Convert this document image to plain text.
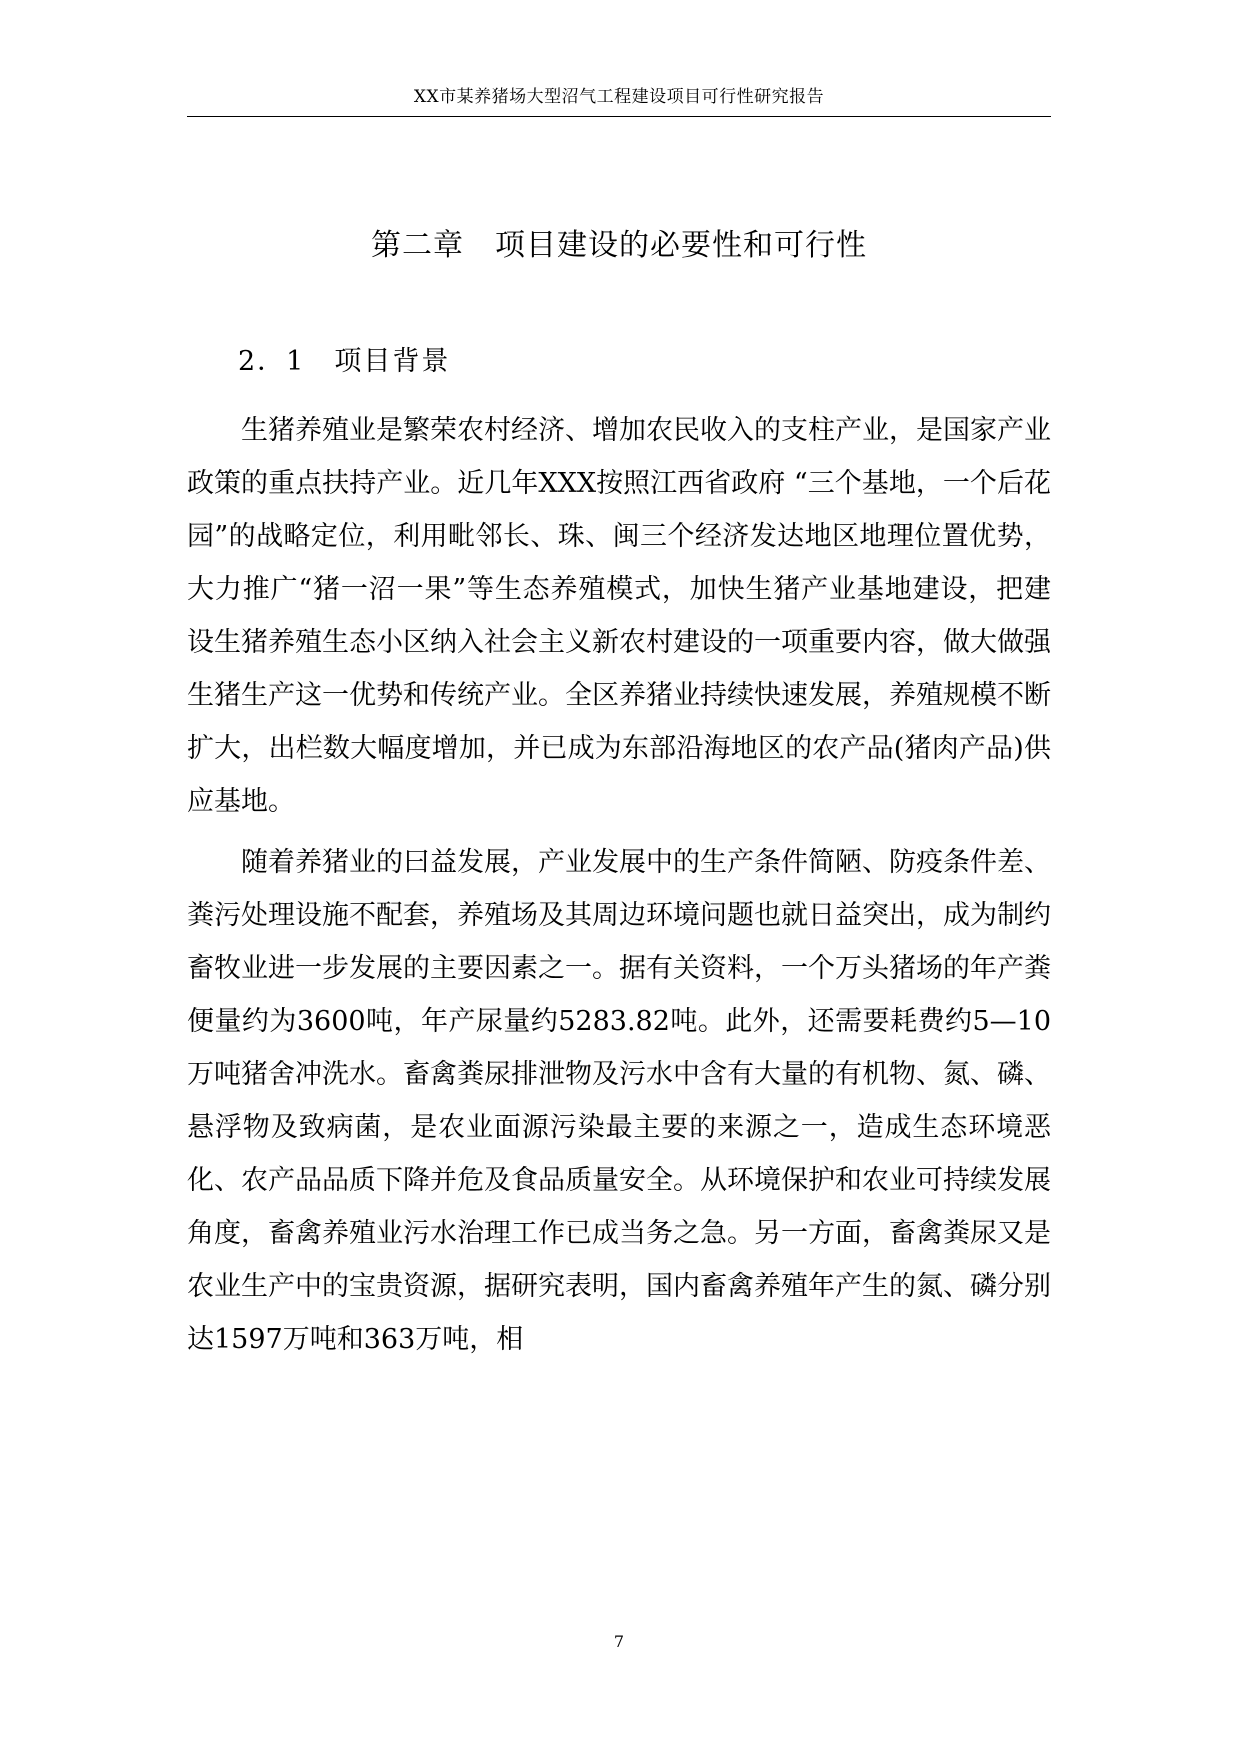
XX市某养猪场大型沼气工程建设项目可行性研究报告
第二章　项目建设的必要性和可行性
2．1　项目背景

生猪养殖业是繁荣农村经济、增加农民收入的支柱产业，是国家产业政策的重点扶持产业。近几年XXX按照江西省政府 “三个基地，一个后花园”的战略定位，利用毗邻长、珠、闽三个经济发达地区地理位置优势，大力推广“猪一沼一果”等生态养殖模式，加快生猪产业基地建设，把建设生猪养殖生态小区纳入社会主义新农村建设的一项重要内容，做大做强生猪生产这一优势和传统产业。全区养猪业持续快速发展，养殖规模不断扩大，出栏数大幅度增加，并已成为东部沿海地区的农产品(猪肉产品)供应基地。

随着养猪业的曰益发展，产业发展中的生产条件简陋、防疫条件差、粪污处理设施不配套，养殖场及其周边环境问题也就日益突出，成为制约畜牧业进一步发展的主要因素之一。据有关资料，一个万头猪场的年产粪便量约为3600吨，年产尿量约5283.82吨。此外，还需要耗费约5—10万吨猪舍冲洗水。畜禽粪尿排泄物及污水中含有大量的有机物、氮、磷、悬浮物及致病菌，是农业面源污染最主要的来源之一，造成生态环境恶化、农产品品质下降并危及食品质量安全。从环境保护和农业可持续发展角度，畜禽养殖业污水治理工作已成当务之急。另一方面，畜禽粪尿又是农业生产中的宝贵资源，据研究表明，国内畜禽养殖年产生的氮、磷分别达1597万吨和363万吨，相

7
